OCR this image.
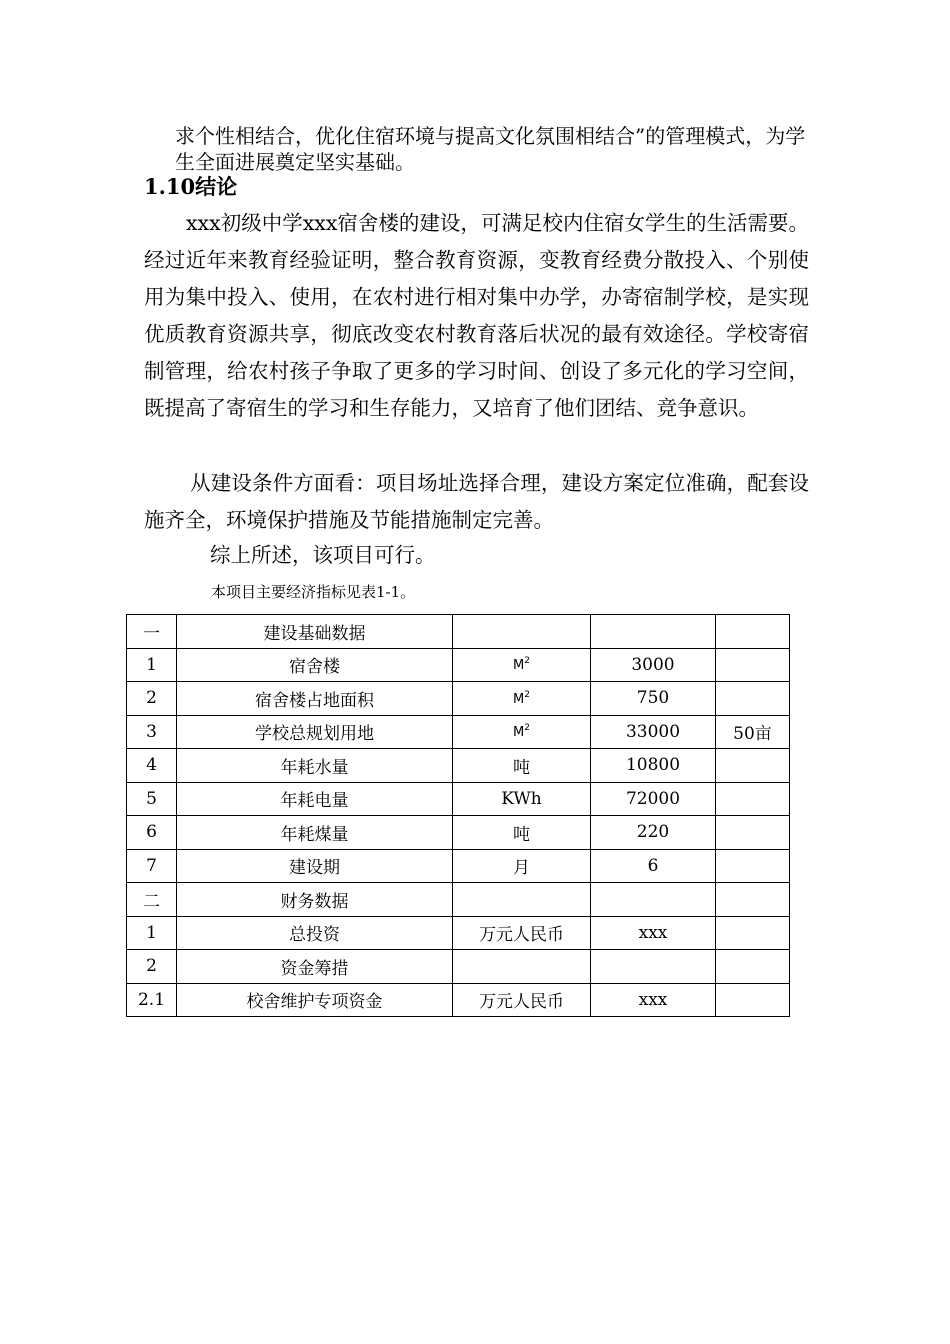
求个性相结合，优化住宿环境与提高文化氛围相结合”的管理模式，为学生全面进展奠定坚实基础。
1.10结论
xxx初级中学xxx宿舍楼的建设，可满足校内住宿女学生的生活需要。经过近年来教育经验证明，整合教育资源，变教育经费分散投入、个别使用为集中投入、使用，在农村进行相对集中办学，办寄宿制学校，是实现优质教育资源共享，彻底改变农村教育落后状况的最有效途径。学校寄宿制管理，给农村孩子争取了更多的学习时间、创设了多元化的学习空间，既提高了寄宿生的学习和生存能力，又培育了他们团结、竞争意识。
从建设条件方面看：项目场址选择合理，建设方案定位准确，配套设施齐全，环境保护措施及节能措施制定完善。
综上所述，该项目可行。
本项目主要经济指标见表1-1。
一	建设基础数据			
1	宿舍楼	$M^2$	3000	
2	宿舍楼占地面积	$M^2$	750	
3	学校总规划用地	$M^2$	33000	50亩
4	年耗水量	吨	10800	
5	年耗电量	KWh	72000	
6	年耗煤量	吨	220	
7	建设期	月	6	
二	财务数据			
1	总投资	万元人民币	xxx	
2	资金筹措			
2.1	校舍维护专项资金	万元人民币	xxx	
